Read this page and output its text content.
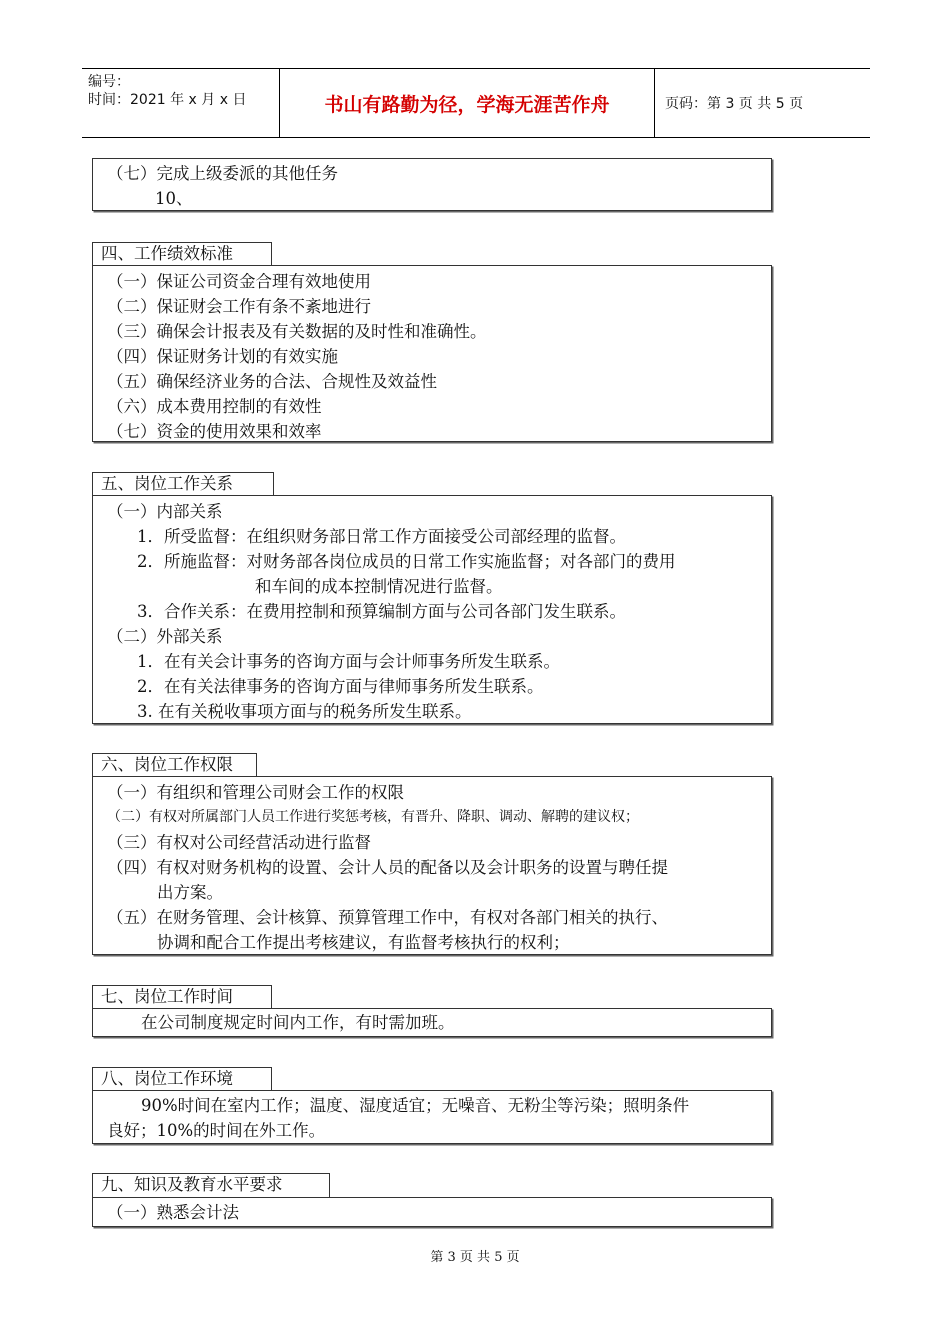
编号：
时间：2021 年 x 月 x 日	书山有路勤为径，学海无涯苦作舟	页码：第 3 页 共 5 页
（七）完成上级委派的其他任务
10、
四、工作绩效标准
（一）保证公司资金合理有效地使用
（二）保证财会工作有条不紊地进行
（三）确保会计报表及有关数据的及时性和准确性。
（四）保证财务计划的有效实施
（五）确保经济业务的合法、合规性及效益性
（六）成本费用控制的有效性
（七）资金的使用效果和效率
五、岗位工作关系
（一）内部关系
1．所受监督：在组织财务部日常工作方面接受公司部经理的监督。
2．所施监督：对财务部各岗位成员的日常工作实施监督；对各部门的费用
和车间的成本控制情况进行监督。
3．合作关系：在费用控制和预算编制方面与公司各部门发生联系。
（二）外部关系
1．在有关会计事务的咨询方面与会计师事务所发生联系。
2．在有关法律事务的咨询方面与律师事务所发生联系。
3. 在有关税收事项方面与的税务所发生联系。
六、岗位工作权限
（一）有组织和管理公司财会工作的权限
（二）有权对所属部门人员工作进行奖惩考核，有晋升、降职、调动、解聘的建议权；
（三）有权对公司经营活动进行监督
（四）有权对财务机构的设置、会计人员的配备以及会计职务的设置与聘任提
出方案。
（五）在财务管理、会计核算、预算管理工作中，有权对各部门相关的执行、
协调和配合工作提出考核建议，有监督考核执行的权利；
七、岗位工作时间
在公司制度规定时间内工作，有时需加班。
八、岗位工作环境
90%时间在室内工作；温度、湿度适宜；无噪音、无粉尘等污染；照明条件
良好；10%的时间在外工作。
九、知识及教育水平要求
（一）熟悉会计法
第 3 页 共 5 页
